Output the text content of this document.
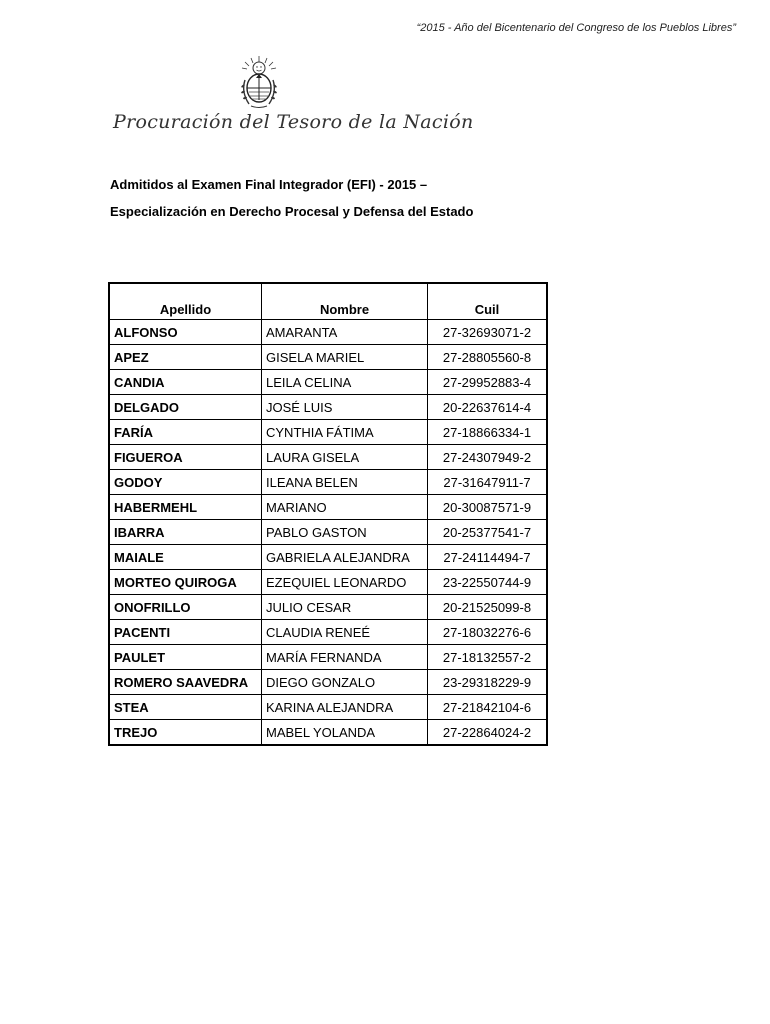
“2015 - Año del Bicentenario del Congreso de los Pueblos Libres”
Procuración del Tesoro de la Nación
Admitidos al Examen Final Integrador (EFI) - 2015 –
Especialización en Derecho Procesal y Defensa del Estado
Apellido	Nombre	Cuil
ALFONSO	AMARANTA	27-32693071-2
APEZ	GISELA MARIEL	27-28805560-8
CANDIA	LEILA CELINA	27-29952883-4
DELGADO	JOSÉ LUIS	20-22637614-4
FARÍA	CYNTHIA FÁTIMA	27-18866334-1
FIGUEROA	LAURA GISELA	27-24307949-2
GODOY	ILEANA BELEN	27-31647911-7
HABERMEHL	MARIANO	20-30087571-9
IBARRA	PABLO GASTON	20-25377541-7
MAIALE	GABRIELA ALEJANDRA	27-24114494-7
MORTEO QUIROGA	EZEQUIEL LEONARDO	23-22550744-9
ONOFRILLO	JULIO CESAR	20-21525099-8
PACENTI	CLAUDIA RENEÉ	27-18032276-6
PAULET	MARÍA FERNANDA	27-18132557-2
ROMERO SAAVEDRA	DIEGO GONZALO	23-29318229-9
STEA	KARINA ALEJANDRA	27-21842104-6
TREJO	MABEL YOLANDA	27-22864024-2
